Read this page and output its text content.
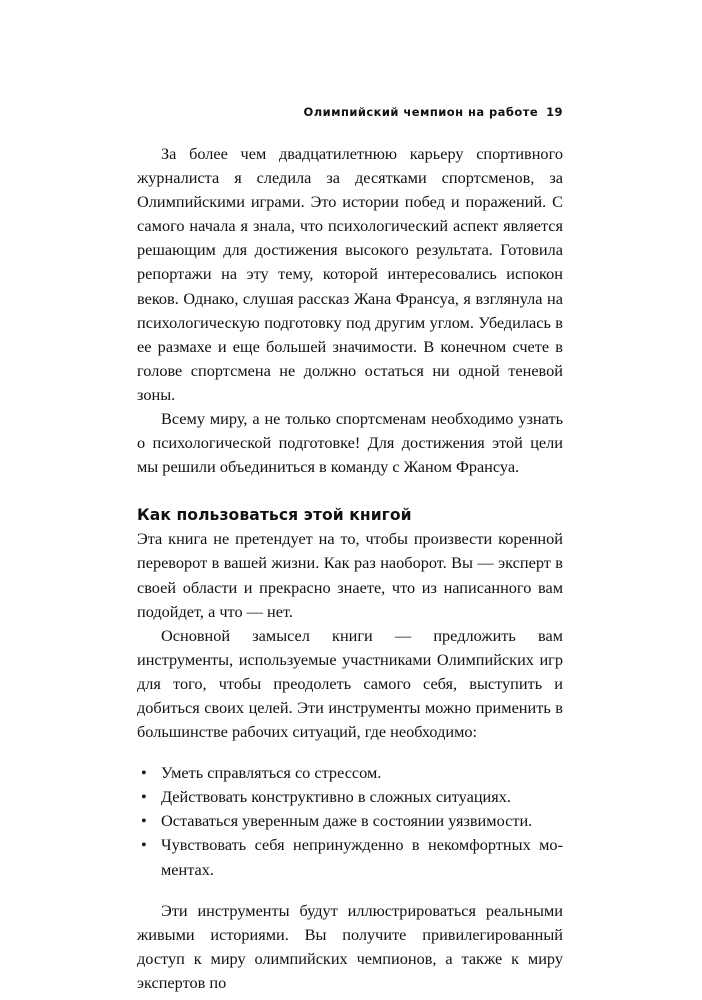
Олимпийский чемпион на работе 19

За более чем двадцатилетнюю карьеру спортивного журналиста я следила за десятками спортсменов, за Олимпийскими играми. Это истории побед и поражений. С самого начала я знала, что психологический аспект является решающим для достижения высокого результата. Готовила репортажи на эту тему, которой интересовались испокон веков. Однако, слушая рассказ Жана Франсуа, я взглянула на психологическую подготовку под другим углом. Убедилась в ее размахе и еще большей значимости. В конечном счете в голове спортсмена не должно остаться ни одной теневой зоны.

Всему миру, а не только спортсменам необходимо узнать о психологической подготовке! Для достижения этой цели мы решили объединиться в команду с Жаном Франсуа.

Как пользоваться этой книгой

Эта книга не претендует на то, чтобы произвести коренной переворот в вашей жизни. Как раз наоборот. Вы — эксперт в своей области и прекрасно знаете, что из написанного вам подойдет, а что — нет.

Основной замысел книги — предложить вам инструменты, используемые участниками Олимпийских игр для того, чтобы преодолеть самого себя, выступить и добиться своих целей. Эти инструменты можно применить в большинстве рабочих ситуаций, где необходимо:

• Уметь справляться со стрессом.
• Действовать конструктивно в сложных ситуациях.
• Оставаться уверенным даже в состоянии уязвимости.
• Чувствовать себя непринужденно в некомфортных моментах.

Эти инструменты будут иллюстрироваться реальными живыми историями. Вы получите привилегированный доступ к миру олимпийских чемпионов, а также к миру экспертов по
